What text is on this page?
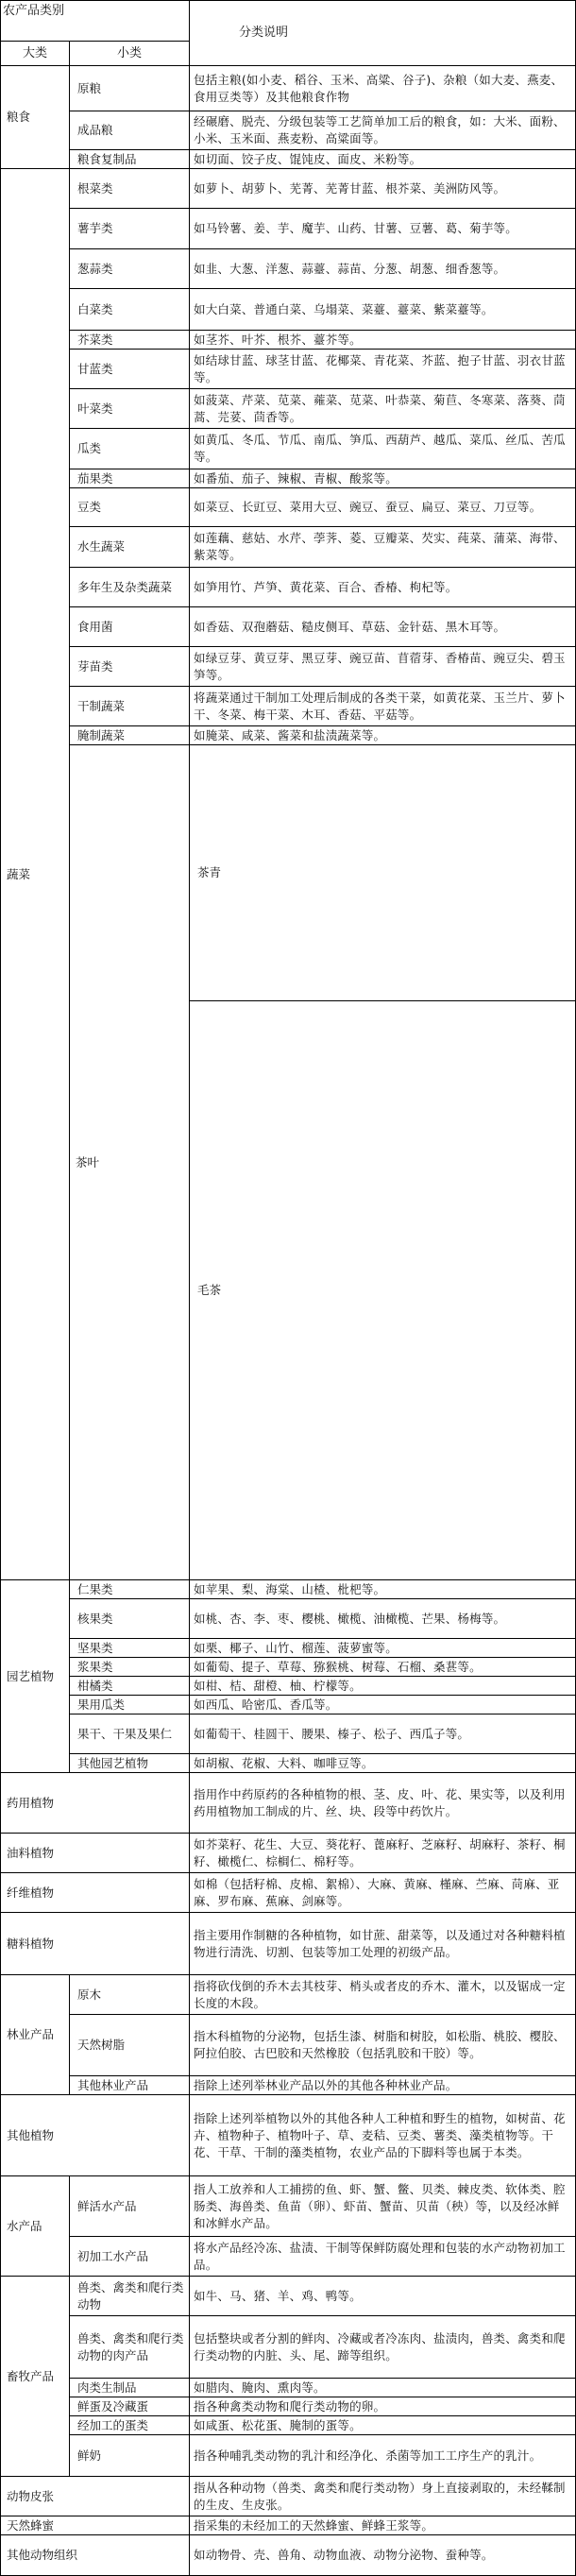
农产品类别		分类说明	
大类	小类		
粮食	原粮	包括主粮(如小麦、稻谷、玉米、高粱、谷子)、杂粮（如大麦、燕麦、食用豆类等）及其他粮食作物	
	成品粮	经碾磨、脱壳、分级包装等工艺简单加工后的粮食，如：大米、面粉、小米、玉米面、燕麦粉、高粱面等。	
	粮食复制品	如切面、饺子皮、馄饨皮、面皮、米粉等。	
蔬菜	根菜类	如萝卜、胡萝卜、芜菁、芜菁甘蓝、根芥菜、美洲防风等。	
	薯芋类	如马铃薯、姜、芋、魔芋、山药、甘薯、豆薯、葛、菊芋等。	
	葱蒜类	如韭、大葱、洋葱、蒜薹、蒜苗、分葱、胡葱、细香葱等。	
	白菜类	如大白菜、普通白菜、乌塌菜、菜薹、薹菜、紫菜薹等。	
	芥菜类	如茎芥、叶芥、根芥、薹芥等。	
	甘蓝类	如结球甘蓝、球茎甘蓝、花椰菜、青花菜、芥蓝、抱子甘蓝、羽衣甘蓝等。	
	叶菜类	如菠菜、芹菜、苋菜、蕹菜、苋菜、叶恭菜、菊苣、冬寒菜、落葵、茼蒿、芫荽、茴香等。	
	瓜类	如黄瓜、冬瓜、节瓜、南瓜、笋瓜、西葫芦、越瓜、菜瓜、丝瓜、苦瓜等。	
	茄果类	如番茄、茄子、辣椒、青椒、酸浆等。	
	豆类	如菜豆、长豇豆、菜用大豆、豌豆、蚕豆、扁豆、菜豆、刀豆等。	
	水生蔬菜	如莲藕、慈姑、水芹、荸荠、菱、豆瓣菜、芡实、莼菜、蒲菜、海带、紫菜等。	
	多年生及杂类蔬菜	如笋用竹、芦笋、黄花菜、百合、香椿、枸杞等。	
	食用菌	如香菇、双孢蘑菇、糙皮侧耳、草菇、金针菇、黑木耳等。	
	芽苗类	如绿豆芽、黄豆芽、黑豆芽、豌豆苗、苜蓿芽、香椿苗、豌豆尖、碧玉笋等。	
	干制蔬菜	将蔬菜通过干制加工处理后制成的各类干菜，如黄花菜、玉兰片、萝卜干、冬菜、梅干菜、木耳、香菇、平菇等。	
	腌制蔬菜	如腌菜、咸菜、酱菜和盐渍蔬菜等。	
	茶叶	茶青	
		毛茶	
园艺植物	仁果类	如苹果、梨、海棠、山楂、枇杷等。	
	核果类	如桃、杏、李、枣、樱桃、橄榄、油橄榄、芒果、杨梅等。	
	坚果类	如栗、椰子、山竹、榴莲、菠萝蜜等。	
	浆果类	如葡萄、提子、草莓、猕猴桃、树莓、石榴、桑葚等。	
	柑橘类	如柑、桔、甜橙、柚、柠檬等。	
	果用瓜类	如西瓜、哈密瓜、香瓜等。	
	果干、干果及果仁	如葡萄干、桂圆干、腰果、榛子、松子、西瓜子等。	
	其他园艺植物	如胡椒、花椒、大料、咖啡豆等。	
药用植物		指用作中药原药的各种植物的根、茎、皮、叶、花、果实等，以及利用药用植物加工制成的片、丝、块、段等中药饮片。	
油料植物		如芥菜籽、花生、大豆、葵花籽、蓖麻籽、芝麻籽、胡麻籽、茶籽、桐籽、橄榄仁、棕榈仁、棉籽等。	
纤维植物		如棉（包括籽棉、皮棉、絮棉）、大麻、黄麻、槿麻、苎麻、苘麻、亚麻、罗布麻、蕉麻、剑麻等。	
糖料植物		指主要用作制糖的各种植物，如甘蔗、甜菜等，以及通过对各种糖料植物进行清洗、切割、包装等加工处理的初级产品。	
林业产品	原木	指将砍伐倒的乔木去其枝芽、梢头或者皮的乔木、灌木，以及锯成一定长度的木段。	
	天然树脂	指木科植物的分泌物，包括生漆、树脂和树胶，如松脂、桃胶、樱胶、阿拉伯胶、古巴胶和天然橡胶（包括乳胶和干胶）等。	
	其他林业产品	指除上述列举林业产品以外的其他各种林业产品。	
其他植物		指除上述列举植物以外的其他各种人工种植和野生的植物，如树苗、花卉、植物种子、植物叶子、草、麦秸、豆类、薯类、藻类植物等。干花、干草、干制的藻类植物，农业产品的下脚料等也属于本类。	
水产品	鲜活水产品	指人工放养和人工捕捞的鱼、虾、蟹、鳖、贝类、棘皮类、软体类、腔肠类、海兽类、鱼苗（卵）、虾苗、蟹苗、贝苗（秧）等，以及经冰鲜和冰鲜水产品。	
	初加工水产品	将水产品经冷冻、盐渍、干制等保鲜防腐处理和包装的水产动物初加工品。	
畜牧产品	兽类、禽类和爬行类动物	如牛、马、猪、羊、鸡、鸭等。	
	兽类、禽类和爬行类动物的肉产品	包括整块或者分割的鲜肉、冷藏或者冷冻肉、盐渍肉，兽类、禽类和爬行类动物的内脏、头、尾、蹄等组织。	
	肉类生制品	如腊肉、腌肉、熏肉等。	
	鲜蛋及冷藏蛋	指各种禽类动物和爬行类动物的卵。	
	经加工的蛋类	如咸蛋、松花蛋、腌制的蛋等。	
	鲜奶	指各种哺乳类动物的乳汁和经净化、杀菌等加工工序生产的乳汁。	
动物皮张		指从各种动物（兽类、禽类和爬行类动物）身上直接剥取的，未经鞣制的生皮、生皮张。	
天然蜂蜜		指采集的未经加工的天然蜂蜜、鲜蜂王浆等。	
其他动物组织		如动物骨、壳、兽角、动物血液、动物分泌物、蚕种等。	
